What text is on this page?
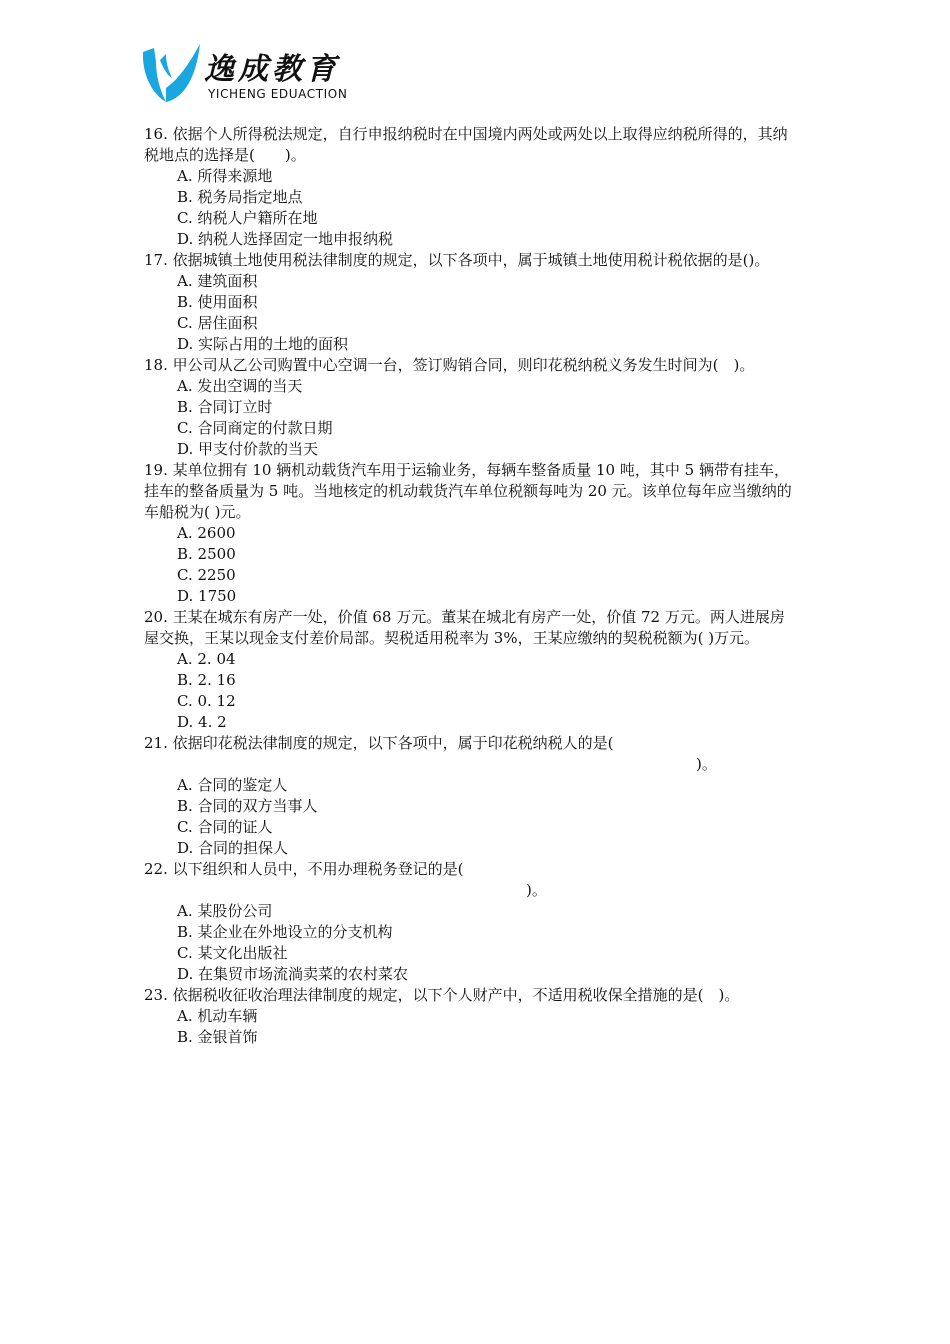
逸成教育
YICHENG EDUACTION
16. 依据个人所得税法规定，自行申报纳税时在中国境内两处或两处以上取得应纳税所得的，其纳税地点的选择是(　　)。
A. 所得来源地
B. 税务局指定地点
C. 纳税人户籍所在地
D. 纳税人选择固定一地申报纳税
17. 依据城镇土地使用税法律制度的规定，以下各项中，属于城镇土地使用税计税依据的是()。
A. 建筑面积
B. 使用面积
C. 居住面积
D. 实际占用的土地的面积
18. 甲公司从乙公司购置中心空调一台，签订购销合同，则印花税纳税义务发生时间为(　)。
A. 发出空调的当天
B. 合同订立时
C. 合同商定的付款日期
D. 甲支付价款的当天
19. 某单位拥有 10 辆机动载货汽车用于运输业务，每辆车整备质量 10 吨，其中 5 辆带有挂车，挂车的整备质量为 5 吨。当地核定的机动载货汽车单位税额每吨为 20 元。该单位每年应当缴纳的车船税为( )元。
A. 2600
B. 2500
C. 2250
D. 1750
20. 王某在城东有房产一处，价值 68 万元。董某在城北有房产一处，价值 72 万元。两人进展房屋交换，王某以现金支付差价局部。契税适用税率为 3%，王某应缴纳的契税税额为( )万元。
A. 2. 04
B. 2. 16
C. 0. 12
D. 4. 2
21. 依据印花税法律制度的规定，以下各项中，属于印花税纳税人的是(
)。
A. 合同的鉴定人
B. 合同的双方当事人
C. 合同的证人
D. 合同的担保人
22. 以下组织和人员中，不用办理税务登记的是(
)。
A. 某股份公司
B. 某企业在外地设立的分支机构
C. 某文化出版社
D. 在集贸市场流淌卖菜的农村菜农
23. 依据税收征收治理法律制度的规定，以下个人财产中，不适用税收保全措施的是(　)。
A. 机动车辆
B. 金银首饰
